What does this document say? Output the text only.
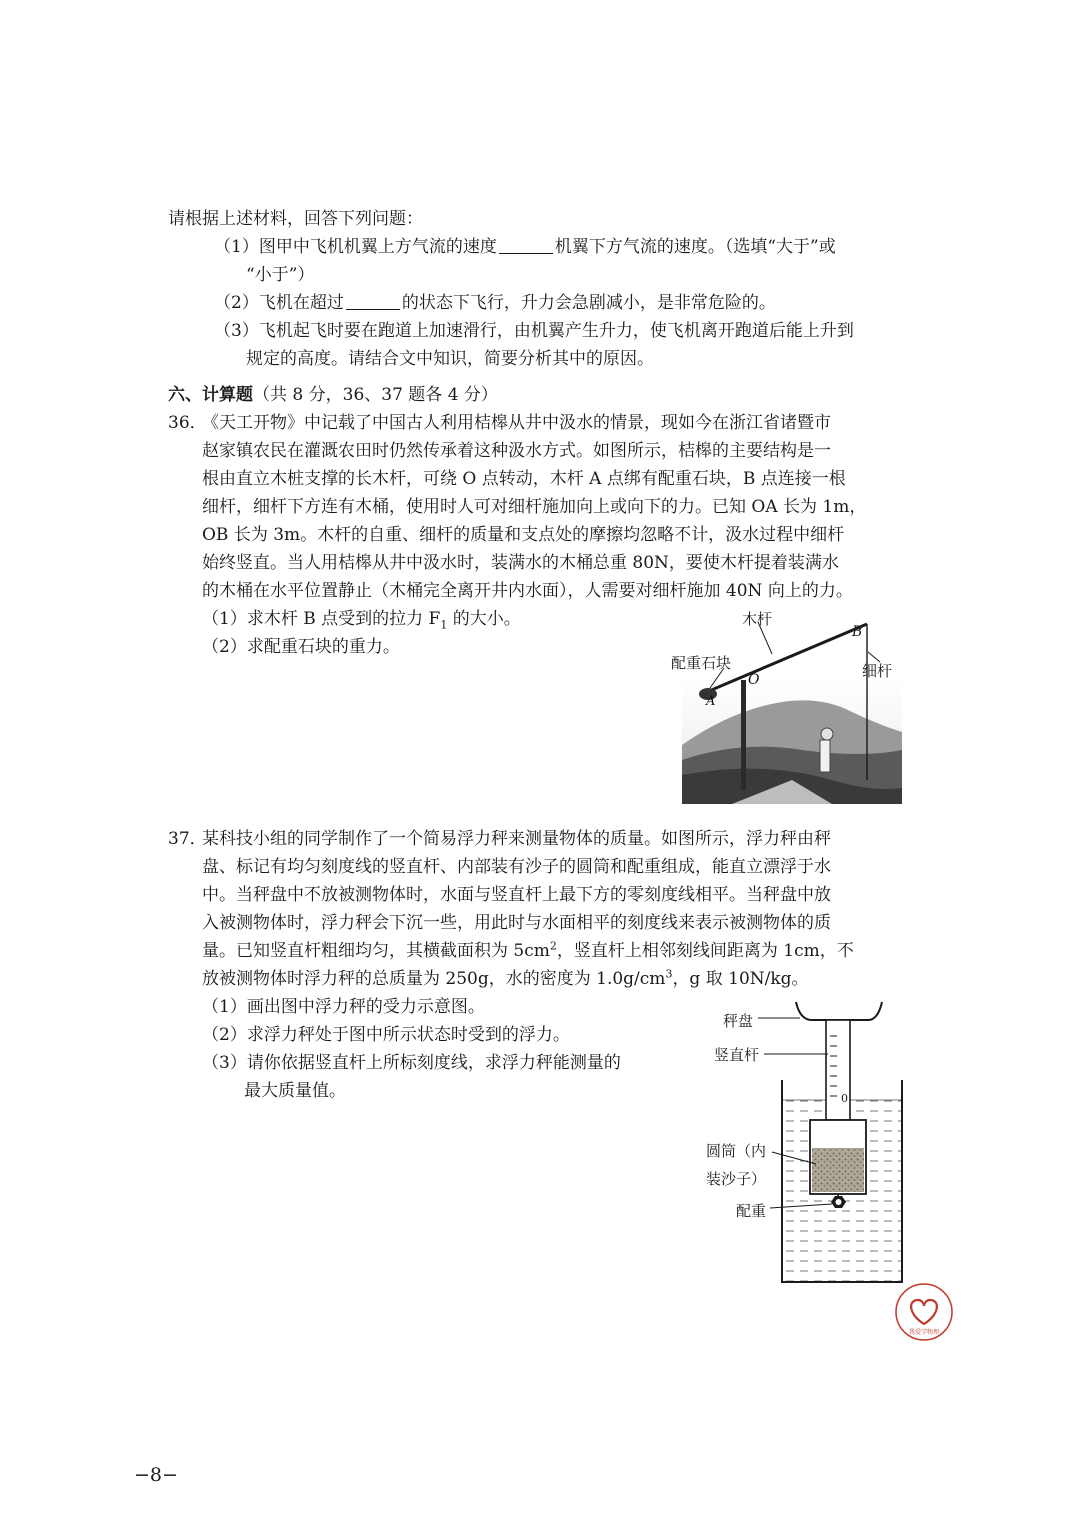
请根据上述材料，回答下列问题：
（1）图甲中飞机机翼上方气流的速度	机翼下方气流的速度。（选填“大于”或
“小于”）
（2）飞机在超过	的状态下飞行，升力会急剧减小，是非常危险的。
（3）飞机起飞时要在跑道上加速滑行，由机翼产生升力，使飞机离开跑道后能上升到
规定的高度。请结合文中知识，简要分析其中的原因。
六、计算题（共 8 分，36、37 题各 4 分）
36．
《天工开物》中记载了中国古人利用桔槔从井中汲水的情景，现如今在浙江省诸暨市
赵家镇农民在灌溉农田时仍然传承着这种汲水方式。如图所示，桔槔的主要结构是一
根由直立木桩支撑的长木杆，可绕 O 点转动，木杆 A 点绑有配重石块，B 点连接一根
细杆，细杆下方连有木桶，使用时人可对细杆施加向上或向下的力。已知 OA 长为 1m，
OB 长为 3m。木杆的自重、细杆的质量和支点处的摩擦均忽略不计，汲水过程中细杆
始终竖直。当人用桔槔从井中汲水时，装满水的木桶总重 80N，要使木杆提着装满水
的木桶在水平位置静止（木桶完全离开井内水面），人需要对细杆施加 40N 向上的力。
（1）求木杆 B 点受到的拉力 $F_1$ 的大小。
（2）求配重石块的重力。
木杆
B
配重石块
O
A
细杆
37．
某科技小组的同学制作了一个简易浮力秤来测量物体的质量。如图所示，浮力秤由秤
盘、标记有均匀刻度线的竖直杆、内部装有沙子的圆筒和配重组成，能直立漂浮于水
中。当秤盘中不放被测物体时，水面与竖直杆上最下方的零刻度线相平。当秤盘中放
入被测物体时，浮力秤会下沉一些，用此时与水面相平的刻度线来表示被测物体的质
量。已知竖直杆粗细均匀，其横截面积为 $5cm^2$，竖直杆上相邻刻线间距离为 1cm，不
放被测物体时浮力秤的总质量为 250g，水的密度为 $1.0g/cm^3$，g 取 10N/kg。
（1）画出图中浮力秤的受力示意图。
（2）求浮力秤处于图中所示状态时受到的浮力。
（3）请你依据竖直杆上所标刻度线，求浮力秤能测量的
最大质量值。
秤盘
竖直杆
0
圆筒（内
装沙子）
配重
我爱学物理
−8−
